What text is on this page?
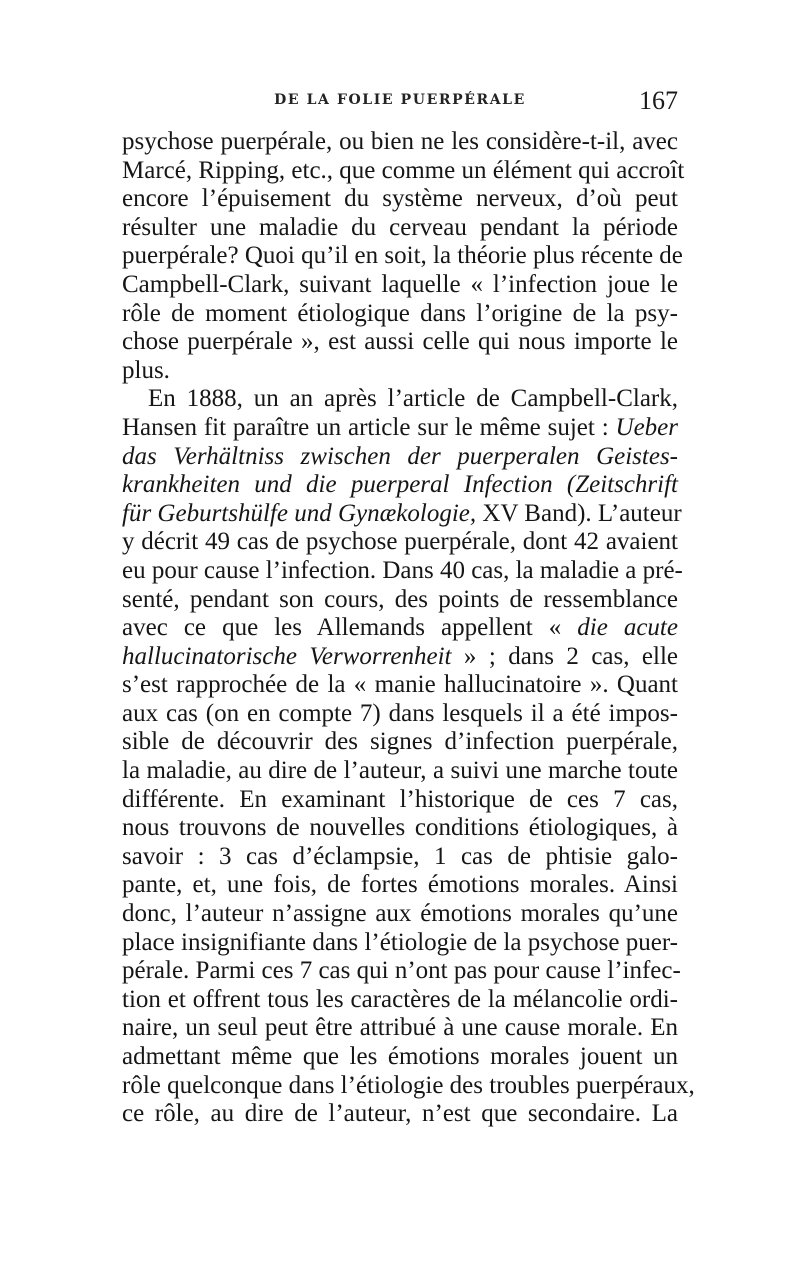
DE LA FOLIE PUERPÉRALE	167
psychose puerpérale, ou bien ne les considère-t-il, avec
Marcé, Ripping, etc., que comme un élément qui accroît
encore l’épuisement du système nerveux, d’où peut
résulter une maladie du cerveau pendant la période
puerpérale? Quoi qu’il en soit, la théorie plus récente de
Campbell-Clark, suivant laquelle « l’infection joue le
rôle de moment étiologique dans l’origine de la psy-
chose puerpérale », est aussi celle qui nous importe le
plus.
En 1888, un an après l’article de Campbell-Clark,
Hansen fit paraître un article sur le même sujet : Ueber
das Verhältniss zwischen der puerperalen Geistes-
krankheiten und die puerperal Infection (Zeitschrift
für Geburtshülfe und Gynækologie, XV Band). L’auteur
y décrit 49 cas de psychose puerpérale, dont 42 avaient
eu pour cause l’infection. Dans 40 cas, la maladie a pré-
senté, pendant son cours, des points de ressemblance
avec ce que les Allemands appellent « die acute
hallucinatorische Verworrenheit » ; dans 2 cas, elle
s’est rapprochée de la « manie hallucinatoire ». Quant
aux cas (on en compte 7) dans lesquels il a été impos-
sible de découvrir des signes d’infection puerpérale,
la maladie, au dire de l’auteur, a suivi une marche toute
différente. En examinant l’historique de ces 7 cas,
nous trouvons de nouvelles conditions étiologiques, à
savoir : 3 cas d’éclampsie, 1 cas de phtisie galo-
pante, et, une fois, de fortes émotions morales. Ainsi
donc, l’auteur n’assigne aux émotions morales qu’une
place insignifiante dans l’étiologie de la psychose puer-
pérale. Parmi ces 7 cas qui n’ont pas pour cause l’infec-
tion et offrent tous les caractères de la mélancolie ordi-
naire, un seul peut être attribué à une cause morale. En
admettant même que les émotions morales jouent un
rôle quelconque dans l’étiologie des troubles puerpéraux,
ce rôle, au dire de l’auteur, n’est que secondaire. La
